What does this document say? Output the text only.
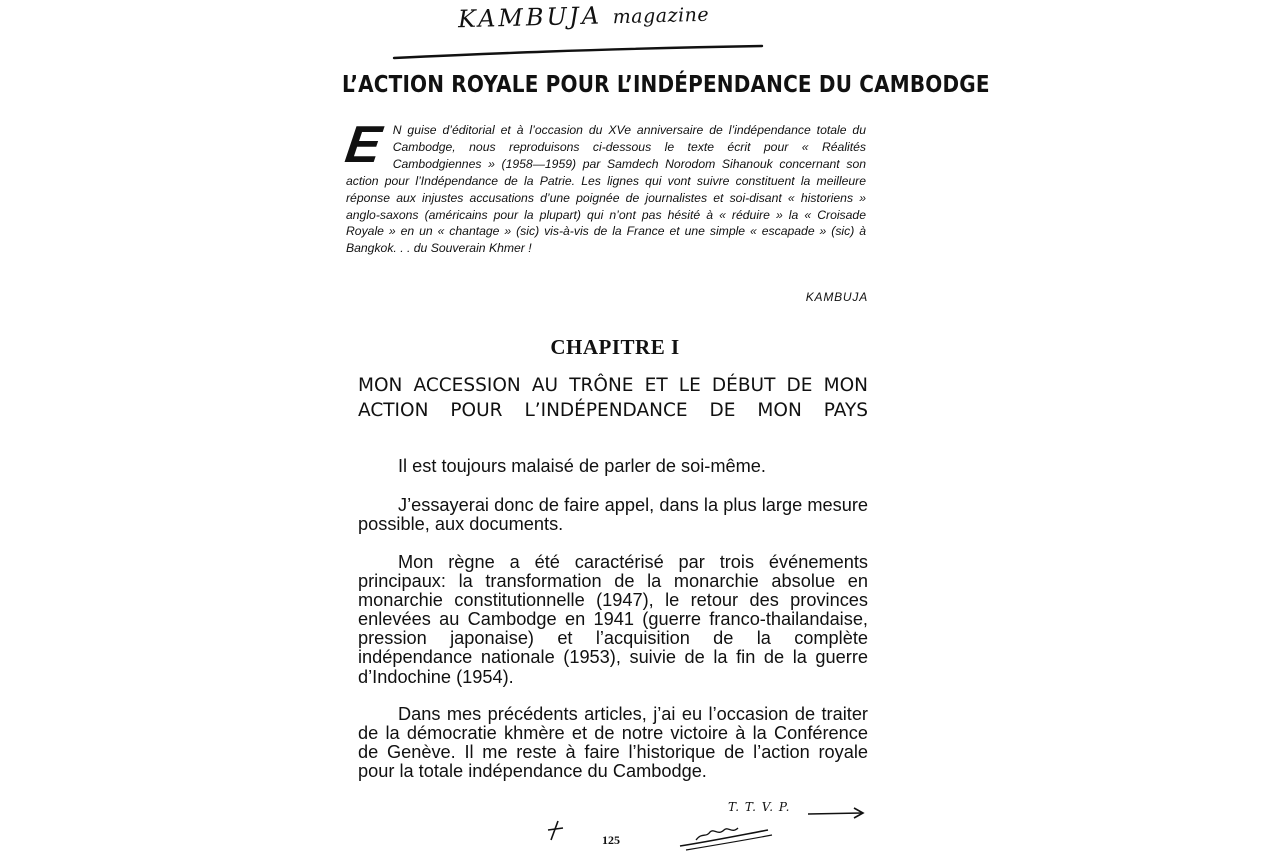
KAMBUJA magazine
L’ACTION ROYALE POUR L’INDÉPENDANCE DU CAMBODGE
E N guise d’éditorial et à l’occasion du XVe anniversaire de l’indépendance totale du Cambodge, nous reproduisons ci-dessous le texte écrit pour « Réalités Cambodgiennes » (1958—1959) par Samdech Norodom Sihanouk concernant son action pour l’Indépendance de la Patrie. Les lignes qui vont suivre constituent la meilleure réponse aux injustes accusations d’une poignée de journalistes et soi-disant « historiens » anglo-saxons (américains pour la plupart) qui n’ont pas hésité à « réduire » la « Croisade Royale » en un « chantage » (sic) vis-à-vis de la France et une simple « escapade » (sic) à Bangkok. . . du Souverain Khmer !

KAMBUJA
CHAPITRE I
MON ACCESSION AU TRÔNE ET LE DÉBUT DE MON
ACTION POUR L’INDÉPENDANCE DE MON PAYS

Il est toujours malaisé de parler de soi-même.

J’essayerai donc de faire appel, dans la plus large mesure possible, aux documents.

Mon règne a été caractérisé par trois événements principaux: la transformation de la monarchie absolue en monarchie constitutionnelle (1947), le retour des provinces enlevées au Cambodge en 1941 (guerre franco-thailandaise, pression japonaise) et l’acquisition de la complète indépendance nationale (1953), suivie de la fin de la guerre d’Indochine (1954).

Dans mes précédents articles, j’ai eu l’occasion de traiter de la démocratie khmère et de notre victoire à la Conférence de Genève. Il me reste à faire l’historique de l’action royale pour la totale indépendance du Cambodge.

T. T. V. P.
125
